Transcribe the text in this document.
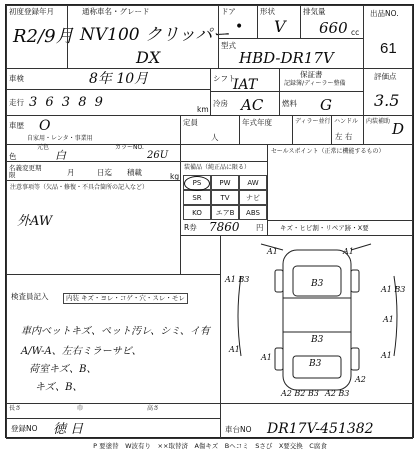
初度登録年月
R2/9月
通称車名・グレード
NV100 クリッパー
DX
ドア
•
形状
V
排気量
660 cc
出品NO.
61
型式
HBD-DR17V
車検	8年 10月	シフト
IAT
保証書
記録簿/ディーラー整備
評価点
3.5
走行 3 6 3 8 9	km
冷房 AC 燃料 G
車歴
自家用・レンタ・事業用
O	定員
人
年式年度	ディラー並行 ハンドル
左 右
内装補助 D
元色
色	白
カラーNO.
26U
名義変更期限	月	日迄 積載	kg
装備品（純正品に限る）
PS	PW	AW
SR	TV	ナビ
KO	エアB	ABS
R券 7860 円
セールスポイント（正常に機能するもの）
キズ・ヒビ割・リペア跡・X要
注意事項等（欠品・修復・不具合箇所の記入など）
外AW
検査員記入	内装 キズ・ヨレ・コゲ・穴・スレ・モレ
車内ベットキズ、ペット汚レ、シミ、イ有
A/W-A、左右ミラーサビ、
荷室キズ、B、
キズ、B、
A1 B3
A1	A1
B3
B3
B3
A1
A1
A1
A1
A2
A2 B2 B3 A2 B3
A1 B3
長さ	巾	高さ
登録NO 徳 日	車台NO DR17V-451382
P 要塗替　W波有り　××取替済　A傷キズ　Bヘコミ　Sさび　X要交換　C腐食
